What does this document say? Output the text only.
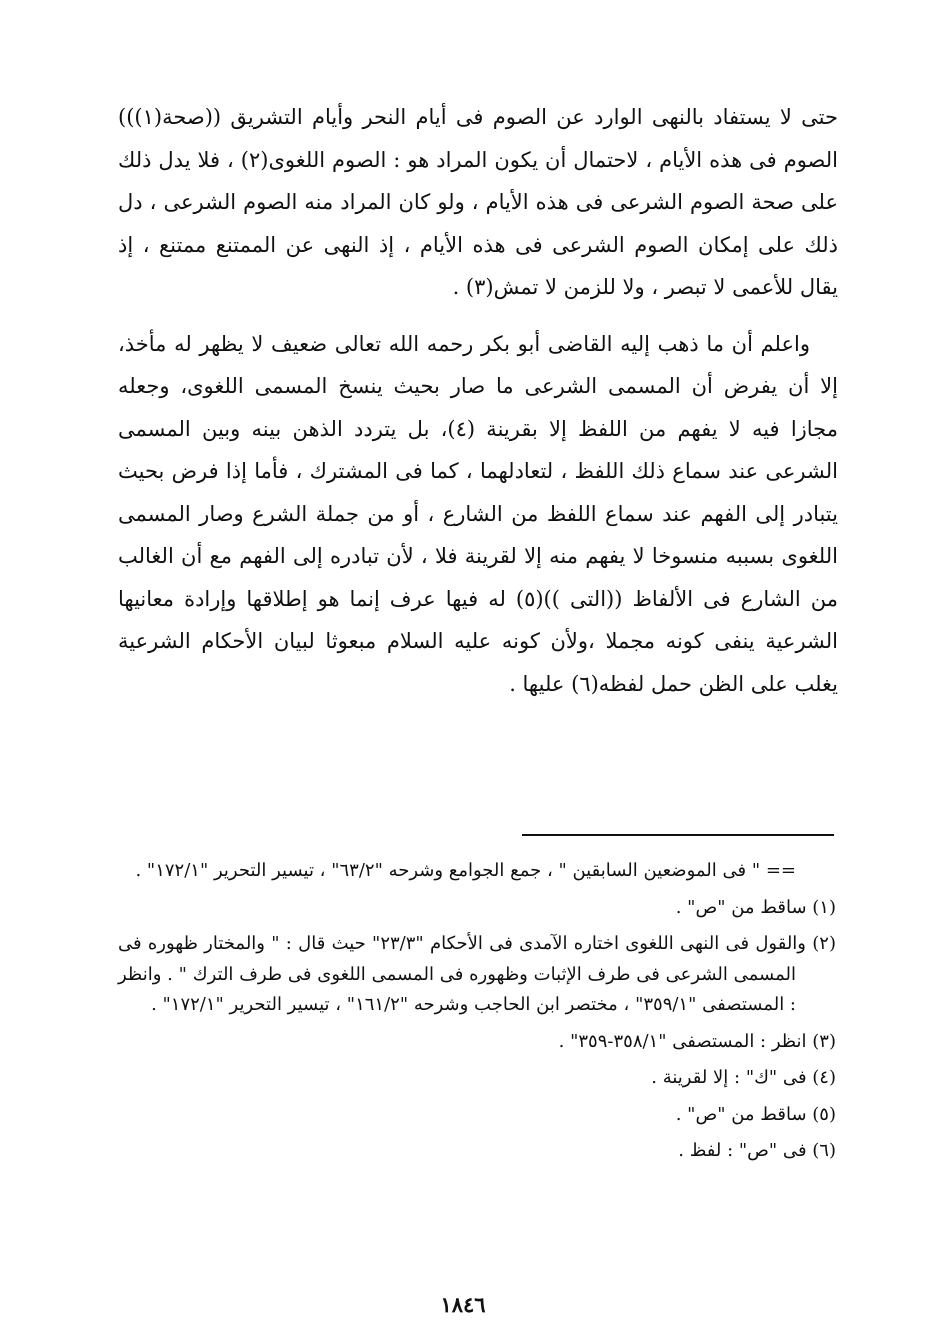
حتى لا يستفاد بالنهى الوارد عن الصوم فى أيام النحر وأيام التشريق ((صحة(١))) الصوم فى هذه الأيام ، لاحتمال أن يكون المراد هو : الصوم اللغوى(٢) ، فلا يدل ذلك على صحة الصوم الشرعى فى هذه الأيام ، ولو كان المراد منه الصوم الشرعى ، دل ذلك على إمكان الصوم الشرعى فى هذه الأيام ، إذ النهى عن الممتنع ممتنع ، إذ يقال للأعمى لا تبصر ، ولا للزمن لا تمش(٣) .

واعلم أن ما ذهب إليه القاضى أبو بكر رحمه الله تعالى ضعيف لا يظهر له مأخذ، إلا أن يفرض أن المسمى الشرعى ما صار بحيث ينسخ المسمى اللغوى، وجعله مجازا فيه لا يفهم من اللفظ إلا بقرينة (٤)، بل يتردد الذهن بينه وبين المسمى الشرعى عند سماع ذلك اللفظ ، لتعادلهما ، كما فى المشترك ، فأما إذا فرض بحيث يتبادر إلى الفهم عند سماع اللفظ من الشارع ، أو من جملة الشرع وصار المسمى اللغوى بسببه منسوخا لا يفهم منه إلا لقرينة فلا ، لأن تبادره إلى الفهم مع أن الغالب من الشارع فى الألفاظ ((التى ))(٥) له فيها عرف إنما هو إطلاقها وإرادة معانيها الشرعية ينفى كونه مجملا ،ولأن كونه عليه السلام مبعوثا لبيان الأحكام الشرعية يغلب على الظن حمل لفظه(٦) عليها .

== " فى الموضعين السابقين " ، جمع الجوامع وشرحه "٦٣/٢" ، تيسير التحرير "١٧٢/١" .

(١) ساقط من "ص" .

(٢) والقول فى النهى اللغوى اختاره الآمدى فى الأحكام "٢٣/٣" حيث قال : " والمختار ظهوره فى المسمى الشرعى فى طرف الإثبات وظهوره فى المسمى اللغوى فى طرف الترك " . وانظر : المستصفى "٣٥٩/١" ، مختصر ابن الحاجب وشرحه "١٦١/٢" ، تيسير التحرير "١٧٢/١" .

(٣) انظر : المستصفى "٣٥٨/١-٣٥٩" .

(٤) فى "ك" : إلا لقرينة .

(٥) ساقط من "ص" .

(٦) فى "ص" : لفظ .

١٨٤٦
